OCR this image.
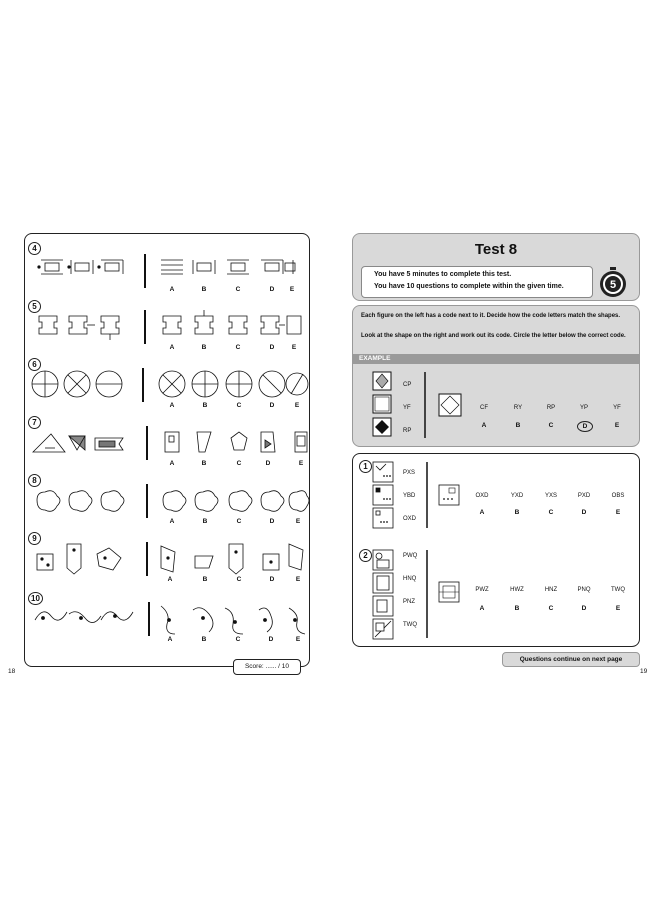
4
A	B	C	D	E
5
A	B	C	D	E
6
A	B	C	D	E
7
A	B	C	D	E
8
A	B	C	D	E
9
A	B	C	D	E
10
A	B	C	D	E
Score: ...... / 10
18
Test 8
You have 5 minutes to complete this test.
You have 10 questions to complete within the given time.	5
Each figure on the left has a code next to it. Decide how the code letters match the shapes.
Look at the shape on the right and work out its code. Circle the letter below the correct code.
EXAMPLE
CP
YF
RP
CF	RY	RP	YP	YF
A	B	C	D	E
1
PXS
YBD
OXD
OXD	YXD	YXS	PXD	OBS
A	B	C	D	E
2	PWQ
HNQ
PNZ
TWQ
PWZ	HWZ	HNZ	PNQ	TWQ
A	B	C	D	E
Questions continue on next page
19
